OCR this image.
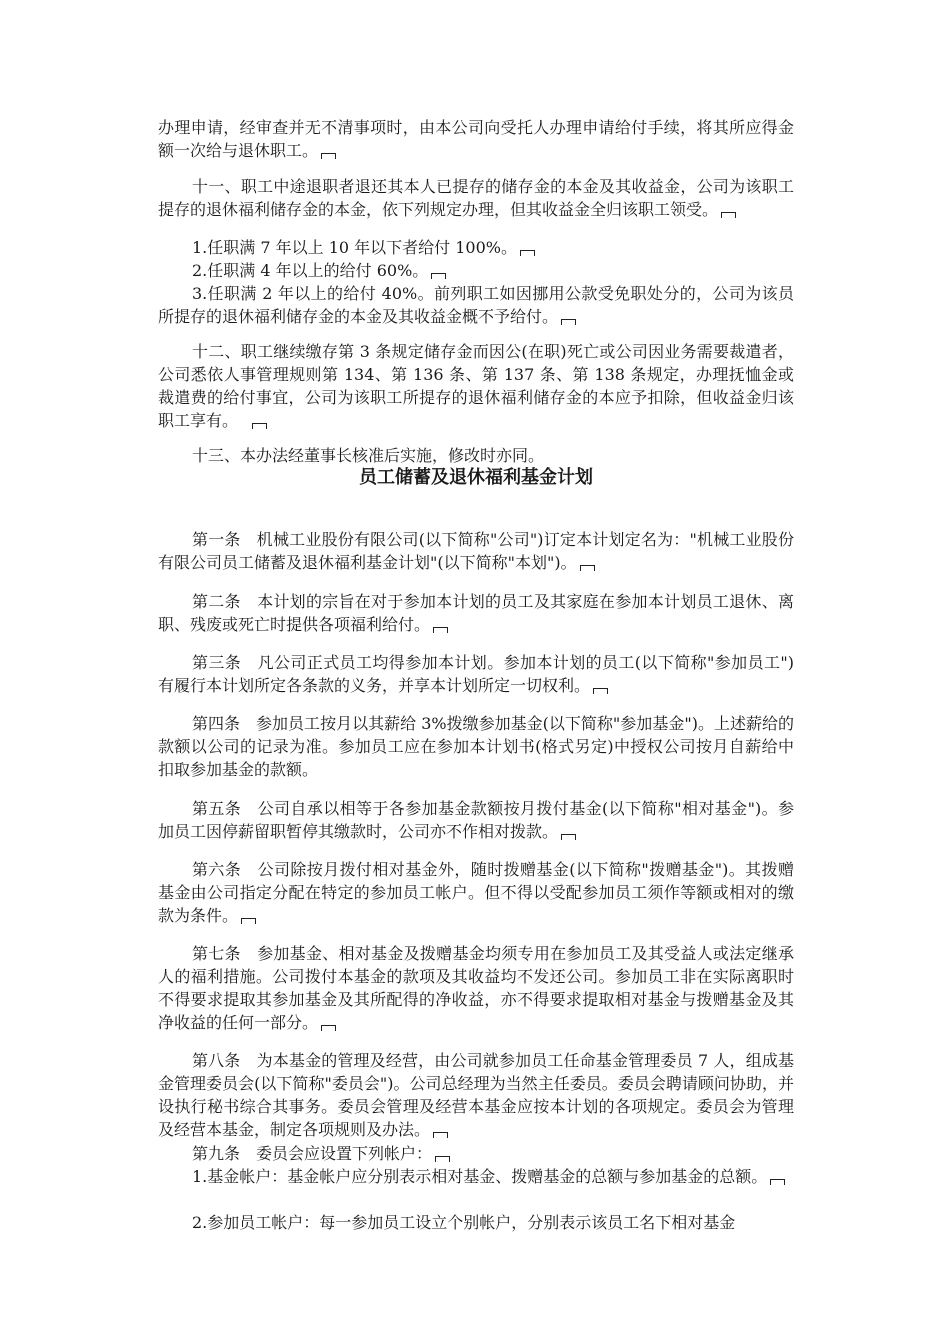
办理申请，经审查并无不清事项时，由本公司向受托人办理申请给付手续，将其所应得金额一次给与退休职工。

十一、职工中途退职者退还其本人已提存的储存金的本金及其收益金，公司为该职工提存的退休福利储存金的本金，依下列规定办理，但其收益金全归该职工领受。

1.任职满 7 年以上 10 年以下者给付 100%。

2.任职满 4 年以上的给付 60%。

3.任职满 2 年以上的给付 40%。前列职工如因挪用公款受免职处分的，公司为该员所提存的退休福利储存金的本金及其收益金概不予给付。

十二、职工继续缴存第 3 条规定储存金而因公(在职)死亡或公司因业务需要裁遣者，公司悉依人事管理规则第 134、第 136 条、第 137 条、第 138 条规定，办理抚恤金或裁遣费的给付事宜，公司为该职工所提存的退休福利储存金的本应予扣除，但收益金归该职工享有。

十三、本办法经董事长核准后实施，修改时亦同。

员工储蓄及退休福利基金计划

第一条　机械工业股份有限公司(以下简称"公司")订定本计划定名为："机械工业股份有限公司员工储蓄及退休福利基金计划"(以下简称"本划")。

第二条　本计划的宗旨在对于参加本计划的员工及其家庭在参加本计划员工退休、离职、残废或死亡时提供各项福利给付。

第三条　凡公司正式员工均得参加本计划。参加本计划的员工(以下简称"参加员工")有履行本计划所定各条款的义务，并享本计划所定一切权利。

第四条　参加员工按月以其薪给 3%拨缴参加基金(以下简称"参加基金")。上述薪给的款额以公司的记录为准。参加员工应在参加本计划书(格式另定)中授权公司按月自薪给中扣取参加基金的款额。

第五条　公司自承以相等于各参加基金款额按月拨付基金(以下简称"相对基金")。参加员工因停薪留职暂停其缴款时，公司亦不作相对拨款。

第六条　公司除按月拨付相对基金外，随时拨赠基金(以下简称"拨赠基金")。其拨赠基金由公司指定分配在特定的参加员工帐户。但不得以受配参加员工须作等额或相对的缴款为条件。

第七条　参加基金、相对基金及拨赠基金均须专用在参加员工及其受益人或法定继承人的福利措施。公司拨付本基金的款项及其收益均不发还公司。参加员工非在实际离职时不得要求提取其参加基金及其所配得的净收益，亦不得要求提取相对基金与拨赠基金及其净收益的任何一部分。

第八条　为本基金的管理及经营，由公司就参加员工任命基金管理委员 7 人，组成基金管理委员会(以下简称"委员会")。公司总经理为当然主任委员。委员会聘请顾问协助，并设执行秘书综合其事务。委员会管理及经营本基金应按本计划的各项规定。委员会为管理及经营本基金，制定各项规则及办法。

第九条　委员会应设置下列帐户：

1.基金帐户：基金帐户应分别表示相对基金、拨赠基金的总额与参加基金的总额。

2.参加员工帐户：每一参加员工设立个别帐户，分别表示该员工名下相对基金
